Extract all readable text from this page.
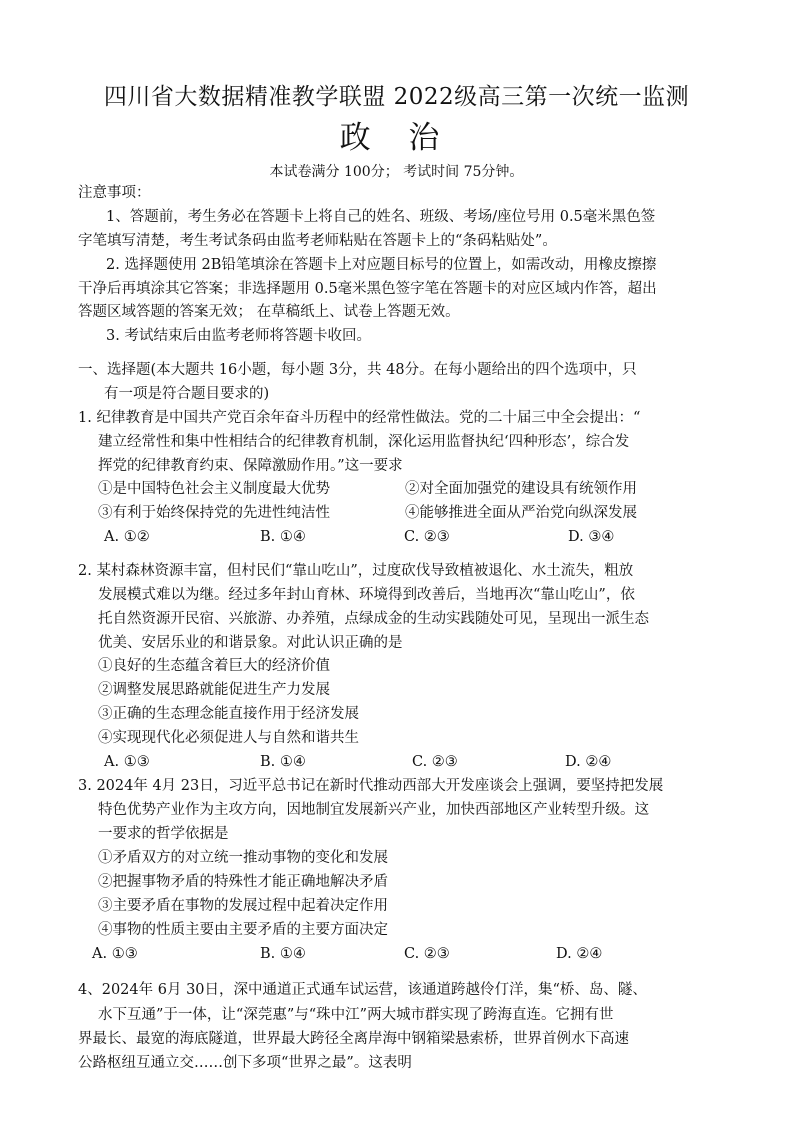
四川省大数据精准教学联盟 2022级高三第一次统一监测
政 治
本试卷满分 100分； 考试时间 75分钟。
注意事项：
1、答题前，考生务必在答题卡上将自己的姓名、班级、考场/座位号用 0.5毫米黑色签
字笔填写清楚，考生考试条码由监考老师粘贴在答题卡上的“条码粘贴处”。
2. 选择题使用 2B铅笔填涂在答题卡上对应题目标号的位置上，如需改动，用橡皮擦擦
干净后再填涂其它答案；非选择题用 0.5毫米黑色签字笔在答题卡的对应区域内作答，超出
答题区域答题的答案无效； 在草稿纸上、试卷上答题无效。
3. 考试结束后由监考老师将答题卡收回。
一、选择题(本大题共 16小题，每小题 3分，共 48分。在每小题给出的四个选项中，只
有一项是符合题目要求的)
1. 纪律教育是中国共产党百余年奋斗历程中的经常性做法。党的二十届三中全会提出：“
建立经常性和集中性相结合的纪律教育机制，深化运用监督执纪‘四种形态’，综合发
挥党的纪律教育约束、保障激励作用。”这一要求
①是中国特色社会主义制度最大优势	②对全面加强党的建设具有统领作用
③有利于始终保持党的先进性纯洁性	④能够推进全面从严治党向纵深发展
A. ①②	B. ①④	C. ②③	D. ③④
2. 某村森林资源丰富，但村民们“靠山吃山”，过度砍伐导致植被退化、水土流失，粗放
发展模式难以为继。经过多年封山育林、环境得到改善后，当地再次“靠山吃山”，依
托自然资源开民宿、兴旅游、办养殖，点绿成金的生动实践随处可见，呈现出一派生态
优美、安居乐业的和谐景象。对此认识正确的是
①良好的生态蕴含着巨大的经济价值
②调整发展思路就能促进生产力发展
③正确的生态理念能直接作用于经济发展
④实现现代化必须促进人与自然和谐共生
A. ①③	B. ①④	C. ②③	D. ②④
3. 2024年 4月 23日，习近平总书记在新时代推动西部大开发座谈会上强调，要坚持把发展
特色优势产业作为主攻方向，因地制宜发展新兴产业，加快西部地区产业转型升级。这
一要求的哲学依据是
①矛盾双方的对立统一推动事物的变化和发展
②把握事物矛盾的特殊性才能正确地解决矛盾
③主要矛盾在事物的发展过程中起着决定作用
④事物的性质主要由主要矛盾的主要方面决定
A. ①③	B. ①④	C. ②③	D. ②④
4、2024年 6月 30日，深中通道正式通车试运营，该通道跨越伶仃洋，集“桥、岛、隧、
水下互通”于一体，让“深莞惠”与“珠中江”两大城市群实现了跨海直连。它拥有世
界最长、最宽的海底隧道，世界最大跨径全离岸海中钢箱梁悬索桥，世界首例水下高速
公路枢纽互通立交……创下多项“世界之最”。这表明
